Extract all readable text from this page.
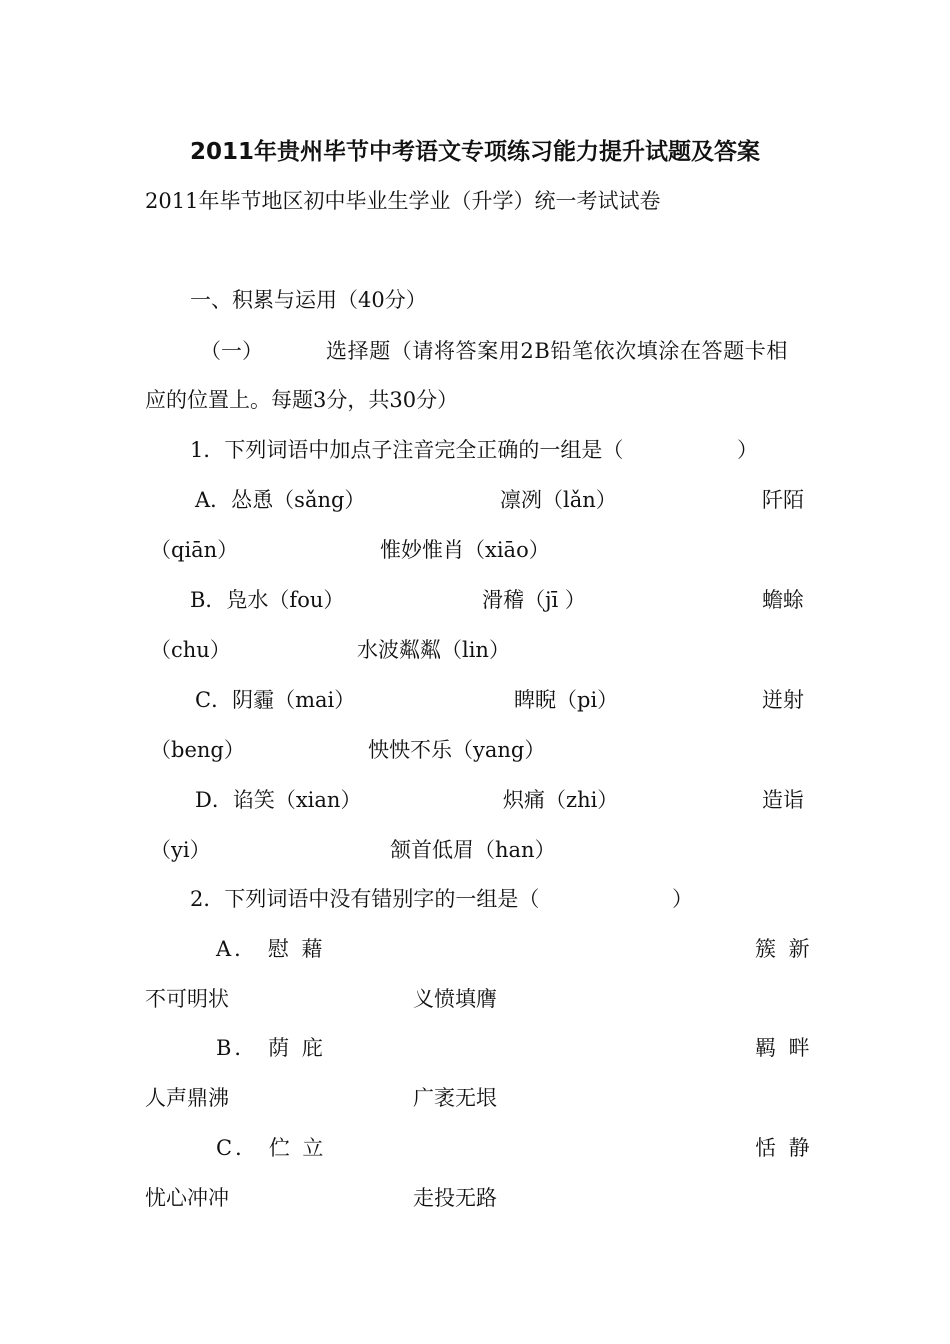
2011年贵州毕节中考语文专项练习能力提升试题及答案
2011年毕节地区初中毕业生学业（升学）统一考试试卷
一、积累与运用（40分）
（一）	选择题（请将答案用2B铅笔依次填涂在答题卡相
应的位置上。每题3分，共30分）
1．下列词语中加点子注音完全正确的一组是（	）
A．怂恿（sǎng）	凛冽（lǎn）	阡陌
（qiān）	惟妙惟肖（xiāo）
B．凫水（fou）	滑稽（jī ）	蟾蜍
（chu）	水波粼粼（lin）
C．阴霾（mai）	睥睨（pi）	迸射
（beng）	怏怏不乐（yang）
D．谄笑（xian）	炽痛（zhi）	造诣
（yi）	颔首低眉（han）
2．下列词语中没有错别字的一组是（	）
A． 慰 藉	簇 新
不可明状	义愤填膺
B． 荫 庇	羁 畔
人声鼎沸	广袤无垠
C． 伫 立	恬 静
忧心冲冲	走投无路
